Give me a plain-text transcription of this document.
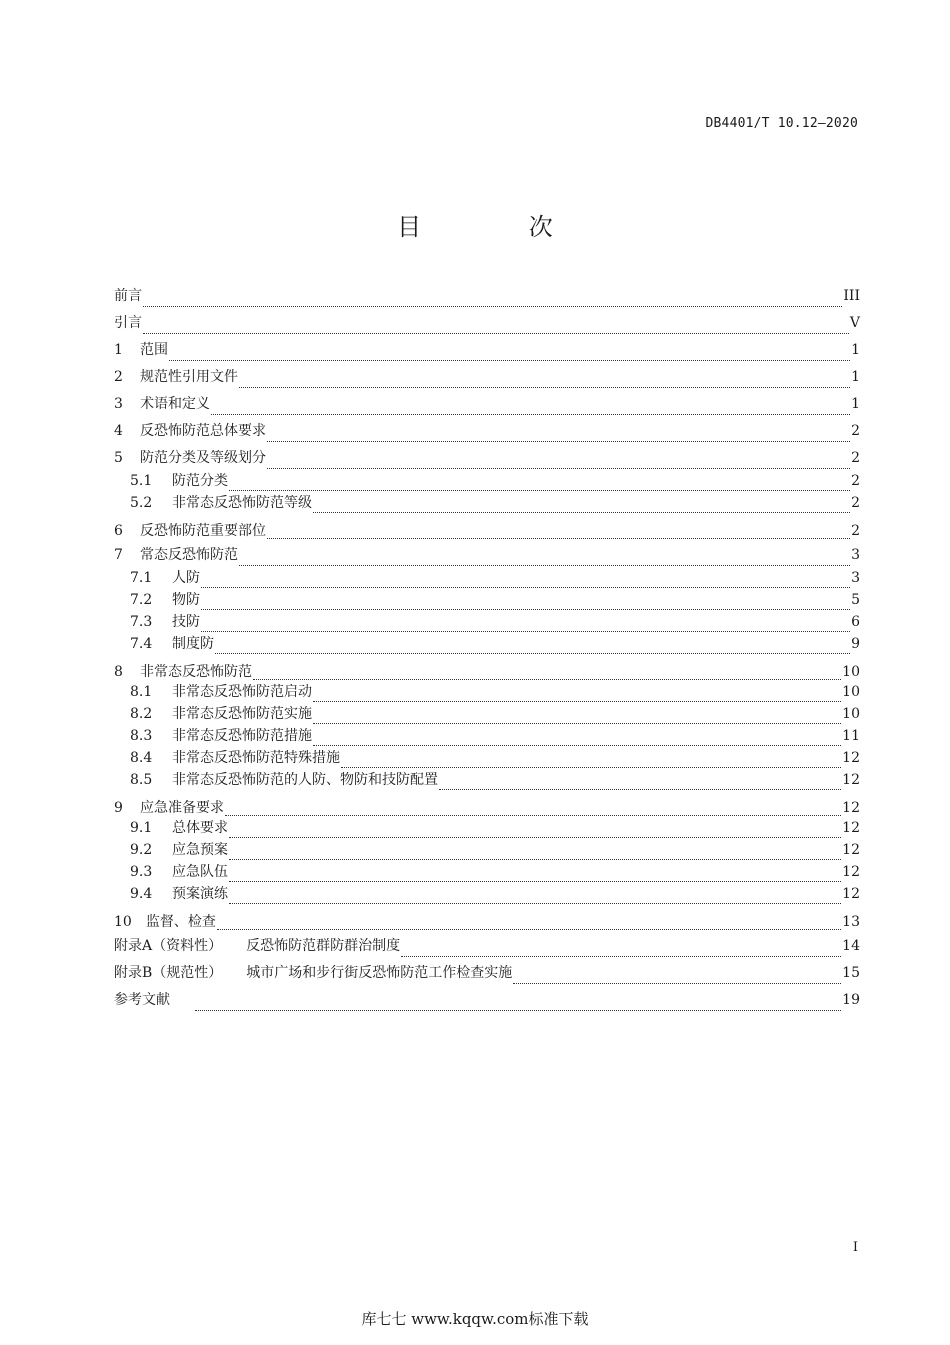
DB4401/T 10.12—2020
目 次
前言	III
引言	V
1 范围	1
2 规范性引用文件	1
3 术语和定义	1
4 反恐怖防范总体要求	2
5 防范分类及等级划分	2
5.1	防范分类	2
5.2	非常态反恐怖防范等级	2
6 反恐怖防范重要部位	2
7 常态反恐怖防范	3
7.1	人防	3
7.2	物防	5
7.3	技防	6
7.4	制度防	9
8 非常态反恐怖防范	10
8.1	非常态反恐怖防范启动	10
8.2	非常态反恐怖防范实施	10
8.3	非常态反恐怖防范措施	11
8.4	非常态反恐怖防范特殊措施	12
8.5	非常态反恐怖防范的人防、物防和技防配置	12
9 应急准备要求	12
9.1	总体要求	12
9.2	应急预案	12
9.3	应急队伍	12
9.4	预案演练	12
10 监督、检查	13
附录A（资料性） 反恐怖防范群防群治制度	14
附录B（规范性） 城市广场和步行街反恐怖防范工作检查实施	15
参考文献	19
I
库七七 www.kqqw.com标准下载
